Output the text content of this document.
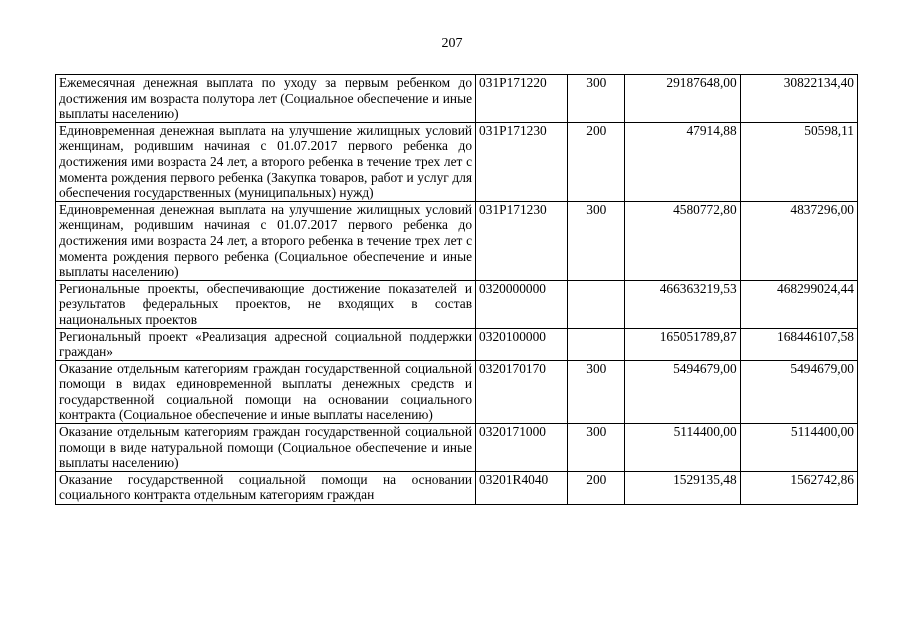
207
Ежемесячная денежная выплата по уходу за первым ребенком до достижения им возраста полутора лет (Социальное обеспечение и иные выплаты населению)	031P171220	300	29187648,00	30822134,40
Единовременная денежная выплата на улучшение жилищных условий женщинам, родившим начиная с 01.07.2017 первого ребенка до достижения ими возраста 24 лет, а второго ребенка в течение трех лет с момента рождения первого ребенка (Закупка товаров, работ и услуг для обеспечения государственных (муниципальных) нужд)	031P171230	200	47914,88	50598,11
Единовременная денежная выплата на улучшение жилищных условий женщинам, родившим начиная с 01.07.2017 первого ребенка до достижения ими возраста 24 лет, а второго ребенка в течение трех лет с момента рождения первого ребенка (Социальное обеспечение и иные выплаты населению)	031P171230	300	4580772,80	4837296,00
Региональные проекты, обеспечивающие достижение показателей и результатов федеральных проектов, не входящих в состав национальных проектов	0320000000		466363219,53	468299024,44
Региональный проект «Реализация адресной социальной поддержки граждан»	0320100000		165051789,87	168446107,58
Оказание отдельным категориям граждан государственной социальной помощи в видах единовременной выплаты денежных средств и государственной социальной помощи на основании социального контракта (Социальное обеспечение и иные выплаты населению)	0320170170	300	5494679,00	5494679,00
Оказание отдельным категориям граждан государственной социальной помощи в виде натуральной помощи (Социальное обеспечение и иные выплаты населению)	0320171000	300	5114400,00	5114400,00
Оказание государственной социальной помощи на основании социального контракта отдельным категориям граждан	03201R4040	200	1529135,48	1562742,86
